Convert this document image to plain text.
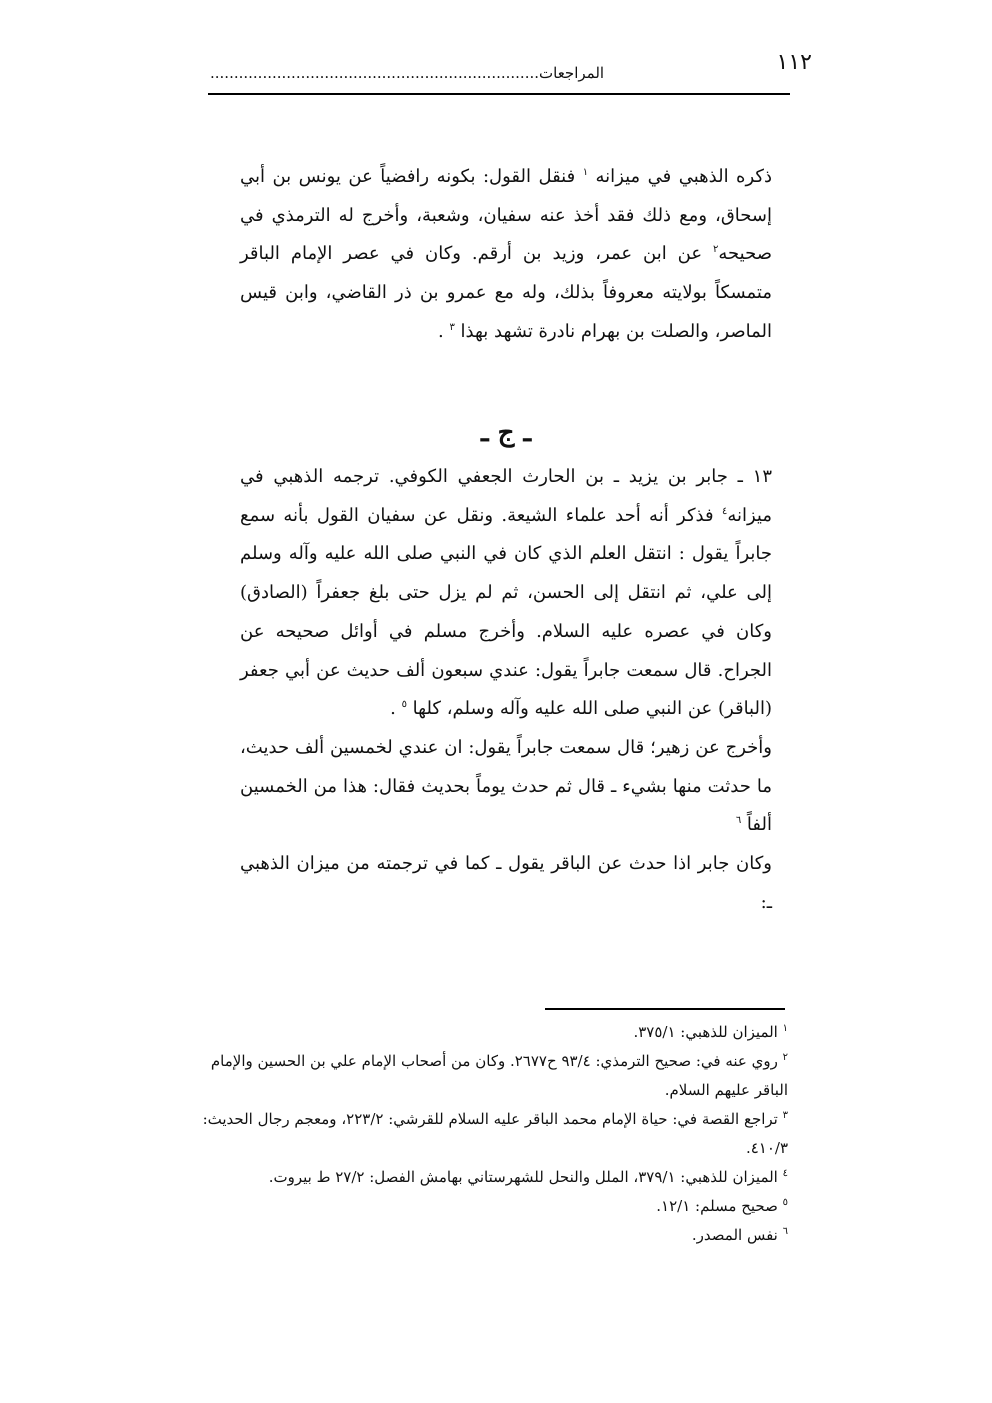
١١٢
المراجعات.....................................................................

ذكره الذهبي في ميزانه $^١$ فنقل القول: بكونه رافضياً عن يونس بن أبي إسحاق، ومع ذلك فقد أخذ عنه سفيان، وشعبة، وأخرج له الترمذي في صحيحه$^٢$ عن ابن عمر، وزيد بن أرقم. وكان في عصر الإمام الباقر متمسكاً بولايته معروفاً بذلك، وله مع عمرو بن ذر القاضي، وابن قيس الماصر، والصلت بن بهرام نادرة تشهد بهذا $^٣$ .

ـ ج ـ

١٣ ـ جابر بن يزيد ـ بن الحارث الجعفي الكوفي. ترجمه الذهبي في ميزانه$^٤$ فذكر أنه أحد علماء الشيعة. ونقل عن سفيان القول بأنه سمع جابراً يقول : انتقل العلم الذي كان في النبي صلى الله عليه وآله وسلم إلى علي، ثم انتقل إلى الحسن، ثم لم يزل حتى بلغ جعفراً (الصادق) وكان في عصره عليه السلام. وأخرج مسلم في أوائل صحيحه عن الجراح. قال سمعت جابراً يقول: عندي سبعون ألف حديث عن أبي جعفر (الباقر) عن النبي صلى الله عليه وآله وسلم، كلها $^٥$ .

وأخرج عن زهير؛ قال سمعت جابراً يقول: ان عندي لخمسين ألف حديث، ما حدثت منها بشيء ـ قال ثم حدث يوماً بحديث فقال: هذا من الخمسين ألفاً $^٦$

وكان جابر اذا حدث عن الباقر يقول ـ كما في ترجمته من ميزان الذهبي ـ:

$^١$ الميزان للذهبي: ٣٧٥/١.

$^٢$ روي عنه في: صحيح الترمذي: ٩٣/٤ ح٢٦٧٧. وكان من أصحاب الإمام علي بن الحسين والإمام الباقر عليهم السلام.

$^٣$ تراجع القصة في: حياة الإمام محمد الباقر عليه السلام للقرشي: ٢٢٣/٢، ومعجم رجال الحديث: ٤١٠/٣.

$^٤$ الميزان للذهبي: ٣٧٩/١، الملل والنحل للشهرستاني بهامش الفصل: ٢٧/٢ ط بيروت.

$^٥$ صحيح مسلم: ١٢/١.

$^٦$ نفس المصدر.
